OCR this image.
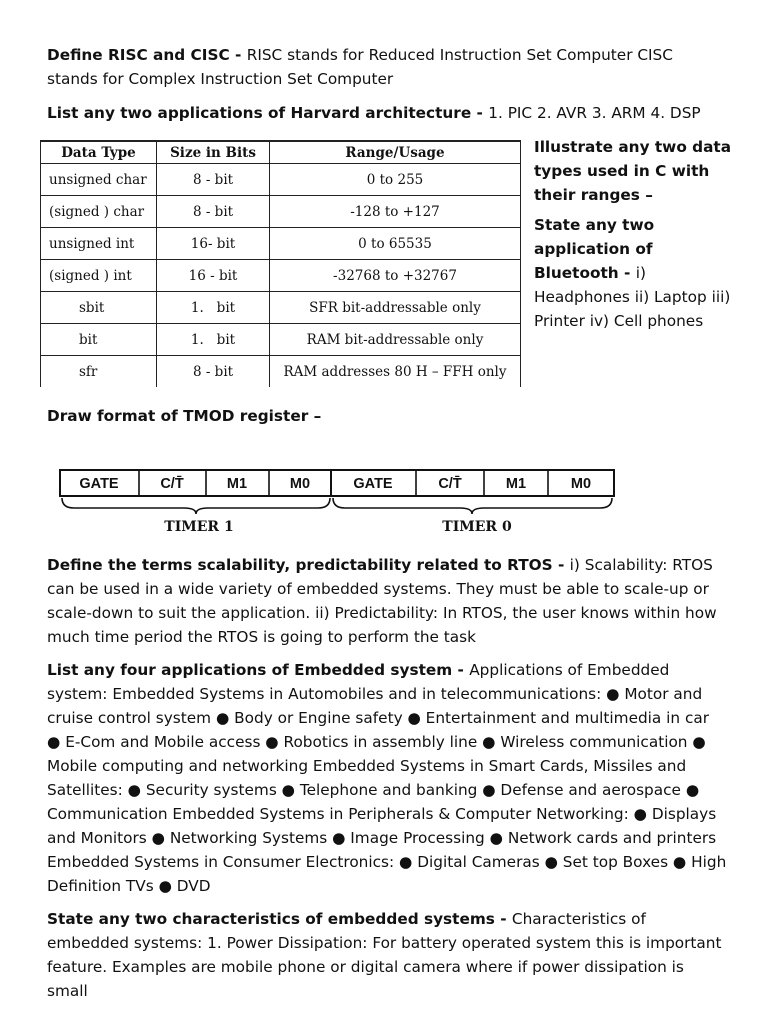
Define RISC and CISC - RISC stands for Reduced Instruction Set Computer CISC stands for Complex Instruction Set Computer

List any two applications of Harvard architecture - 1. PIC 2. AVR 3. ARM 4. DSP

Data Type	Size in Bits	Range/Usage
unsigned char	8 - bit	0 to 255
(signed ) char	8 - bit	-128 to +127
unsigned int	16- bit	0 to 65535
(signed ) int	16 - bit	-32768 to +32767
sbit	1.   bit	SFR bit-addressable only
bit	1.   bit	RAM bit-addressable only
sfr	8 - bit	RAM addresses 80 H – FFH only

Illustrate any two data types used in C with their ranges –

State any two application of Bluetooth - i) Headphones ii) Laptop iii) Printer iv) Cell phones

Draw format of TMOD register –

GATE	C/T̄	M1	M0	GATE	C/T̄	M1	M0
TIMER 1	TIMER 0

Define the terms scalability, predictability related to RTOS - i) Scalability: RTOS can be used in a wide variety of embedded systems. They must be able to scale-up or scale-down to suit the application. ii) Predictability: In RTOS, the user knows within how much time period the RTOS is going to perform the task

List any four applications of Embedded system - Applications of Embedded system: Embedded Systems in Automobiles and in telecommunications: ● Motor and cruise control system ● Body or Engine safety ● Entertainment and multimedia in car ● E-Com and Mobile access ● Robotics in assembly line ● Wireless communication ● Mobile computing and networking Embedded Systems in Smart Cards, Missiles and Satellites: ● Security systems ● Telephone and banking ● Defense and aerospace ● Communication Embedded Systems in Peripherals & Computer Networking: ● Displays and Monitors ● Networking Systems ● Image Processing ● Network cards and printers Embedded Systems in Consumer Electronics: ● Digital Cameras ● Set top Boxes ● High Definition TVs ● DVD

State any two characteristics of embedded systems - Characteristics of embedded systems: 1. Power Dissipation: For battery operated system this is important feature. Examples are mobile phone or digital camera where if power dissipation is small
